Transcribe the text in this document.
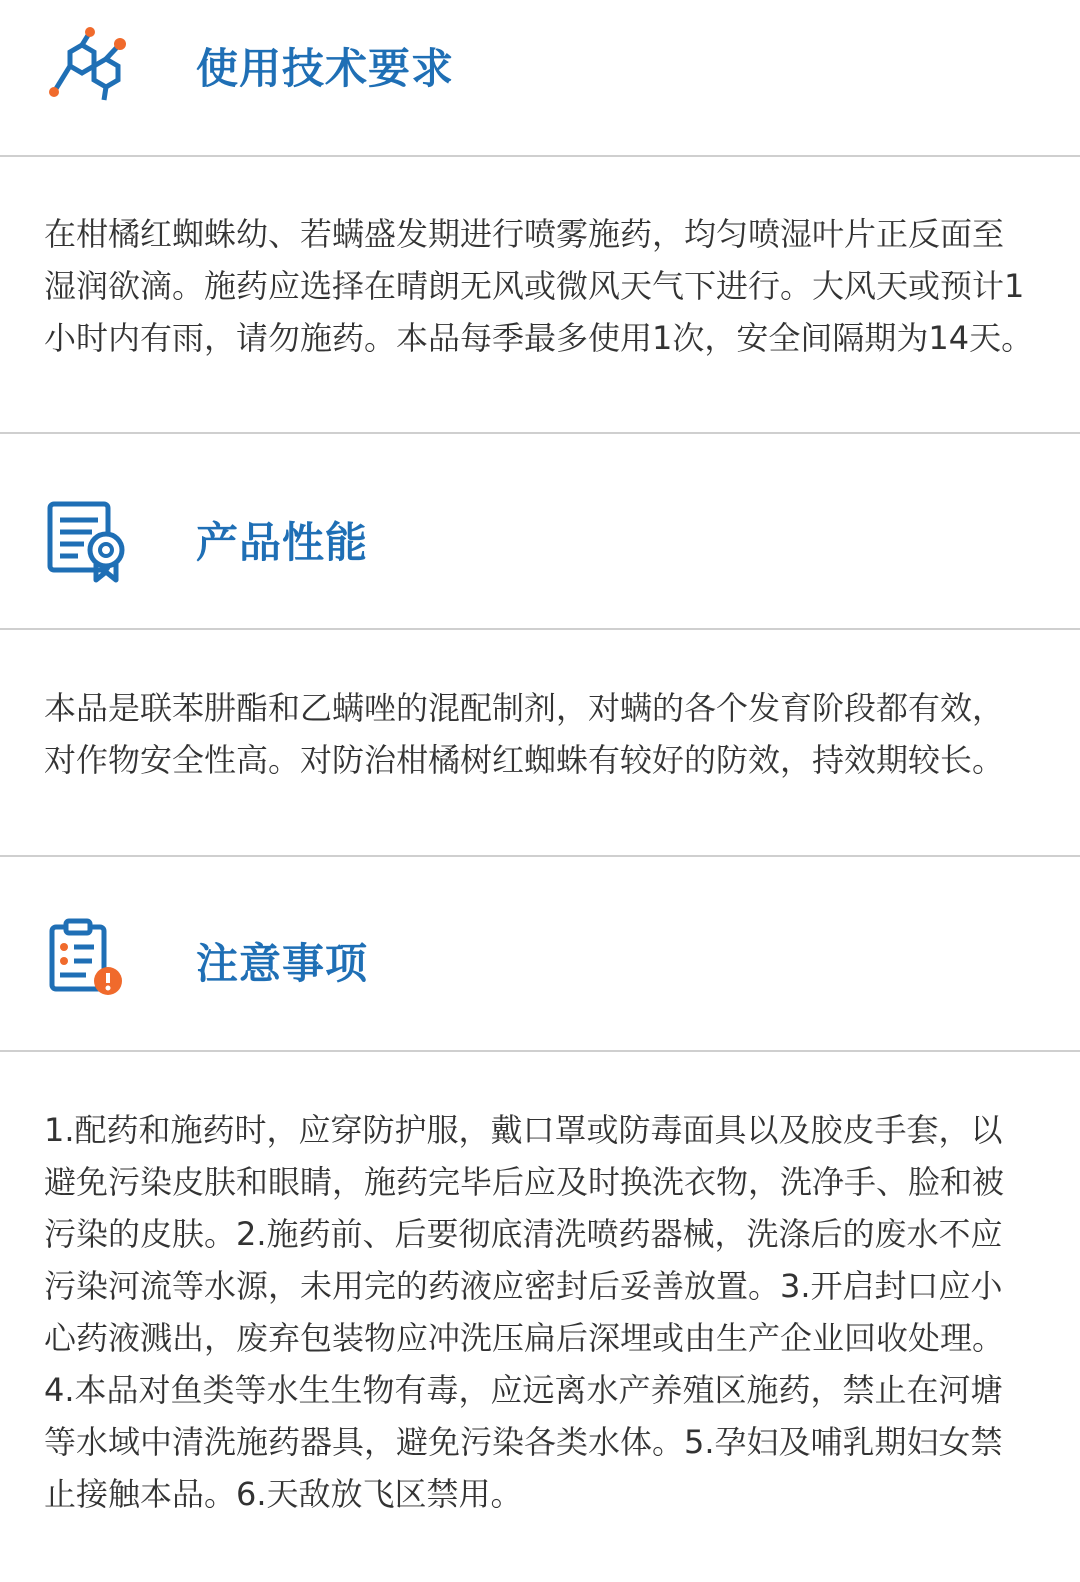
使用技术要求

在柑橘红蜘蛛幼、若螨盛发期进行喷雾施药，均匀喷湿叶片正反面至湿润欲滴。施药应选择在晴朗无风或微风天气下进行。大风天或预计1小时内有雨，请勿施药。本品每季最多使用1次，安全间隔期为14天。

产品性能

本品是联苯肼酯和乙螨唑的混配制剂，对螨的各个发育阶段都有效，对作物安全性高。对防治柑橘树红蜘蛛有较好的防效，持效期较长。

注意事项

1.配药和施药时，应穿防护服，戴口罩或防毒面具以及胶皮手套，以避免污染皮肤和眼睛，施药完毕后应及时换洗衣物，洗净手、脸和被污染的皮肤。2.施药前、后要彻底清洗喷药器械，洗涤后的废水不应污染河流等水源，未用完的药液应密封后妥善放置。3.开启封口应小心药液溅出，废弃包装物应冲洗压扁后深埋或由生产企业回收处理。4.本品对鱼类等水生生物有毒，应远离水产养殖区施药，禁止在河塘等水域中清洗施药器具，避免污染各类水体。5.孕妇及哺乳期妇女禁止接触本品。6.天敌放飞区禁用。
